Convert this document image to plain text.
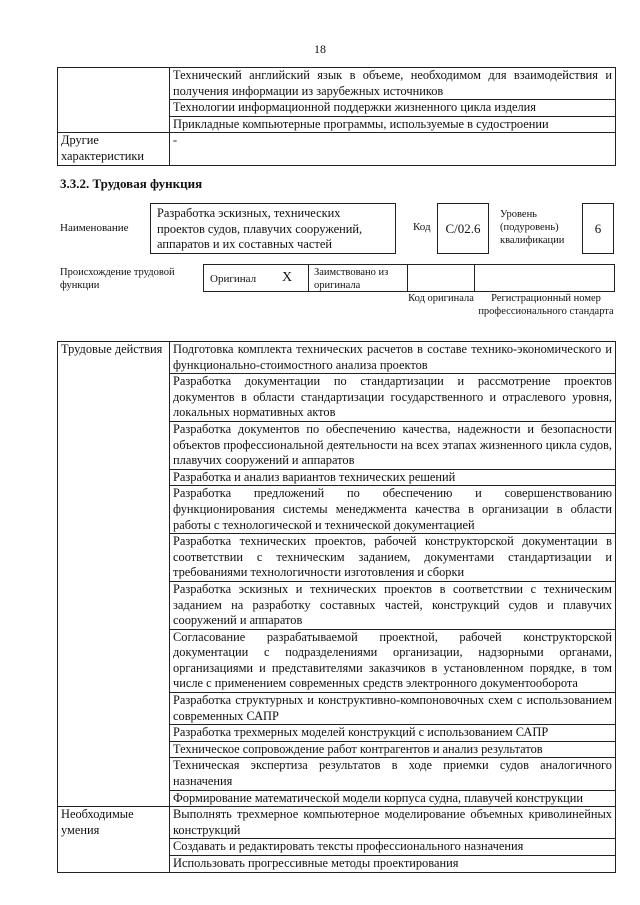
18
	Технический английский язык в объеме, необходимом для взаимодействия и получения информации из зарубежных источников
	Технологии информационной поддержки жизненного цикла изделия
	Прикладные компьютерные программы, используемые в судостроении
Другие характеристики	-
3.3.2. Трудовая функция
Наименование
Разработка эскизных, технических проектов судов, плавучих сооружений, аппаратов и их составных частей
Код C/02.6
Уровень (подуровень) квалификации
6
Происхождение трудовой функции
Оригинал X Заимствовано из оригинала
Код оригинала	Регистрационный номер профессионального стандарта
Трудовые действия	Подготовка комплекта технических расчетов в составе технико-экономического и функционально-стоимостного анализа проектов
	Разработка документации по стандартизации и рассмотрение проектов документов в области стандартизации государственного и отраслевого уровня, локальных нормативных актов
	Разработка документов по обеспечению качества, надежности и безопасности объектов профессиональной деятельности на всех этапах жизненного цикла судов, плавучих сооружений и аппаратов
	Разработка и анализ вариантов технических решений
	Разработка предложений по обеспечению и совершенствованию функционирования системы менеджмента качества в организации в области работы с технологической и технической документацией
	Разработка технических проектов, рабочей конструкторской документации в соответствии с техническим заданием, документами стандартизации и требованиями технологичности изготовления и сборки
	Разработка эскизных и технических проектов в соответствии с техническим заданием на разработку составных частей, конструкций судов и плавучих сооружений и аппаратов
	Согласование разрабатываемой проектной, рабочей конструкторской документации с подразделениями организации, надзорными органами, организациями и представителями заказчиков в установленном порядке, в том числе с применением современных средств электронного документооборота
	Разработка структурных и конструктивно-компоновочных схем с использованием современных САПР
	Разработка трехмерных моделей конструкций с использованием САПР
	Техническое сопровождение работ контрагентов и анализ результатов
	Техническая экспертиза результатов в ходе приемки судов аналогичного назначения
	Формирование математической модели корпуса судна, плавучей конструкции
Необходимые умения	Выполнять трехмерное компьютерное моделирование объемных криволинейных конструкций
	Создавать и редактировать тексты профессионального назначения
	Использовать прогрессивные методы проектирования
